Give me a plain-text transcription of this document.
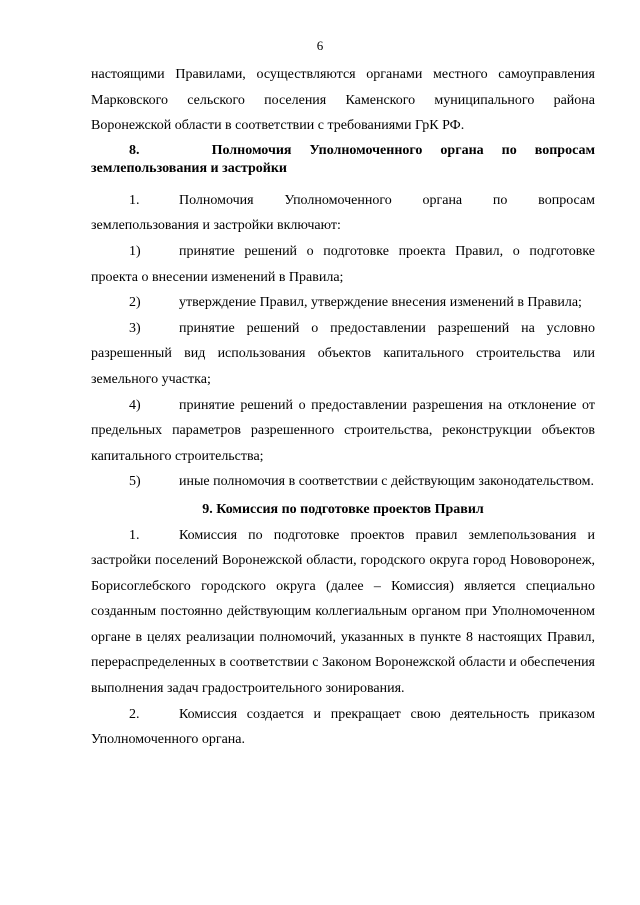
6

настоящими Правилами, осуществляются органами местного самоуправления Марковского сельского поселения Каменского муниципального района Воронежской области в соответствии с требованиями ГрК РФ.

8.    Полномочия Уполномоченного органа по вопросам землепользования и застройки

1.	Полномочия Уполномоченного органа по вопросам землепользования и застройки включают:

1)	принятие решений о подготовке проекта Правил, о подготовке проекта о внесении изменений в Правила;

2)	утверждение Правил, утверждение внесения изменений в Правила;

3)	принятие решений о предоставлении разрешений на условно разрешенный вид использования объектов капитального строительства или земельного участка;

4)	принятие решений о предоставлении разрешения на отклонение от предельных параметров разрешенного строительства, реконструкции объектов капитального строительства;

5)	иные полномочия в соответствии с действующим законодательством.

9. Комиссия по подготовке проектов Правил

1.	Комиссия по подготовке проектов правил землепользования и застройки поселений Воронежской области, городского округа город Нововоронеж, Борисоглебского городского округа (далее – Комиссия) является специально созданным постоянно действующим коллегиальным органом при Уполномоченном органе в целях реализации полномочий, указанных в пункте 8 настоящих Правил, перераспределенных в соответствии с Законом Воронежской области и обеспечения выполнения задач градостроительного зонирования.

2.	Комиссия создается и прекращает свою деятельность приказом Уполномоченного органа.
